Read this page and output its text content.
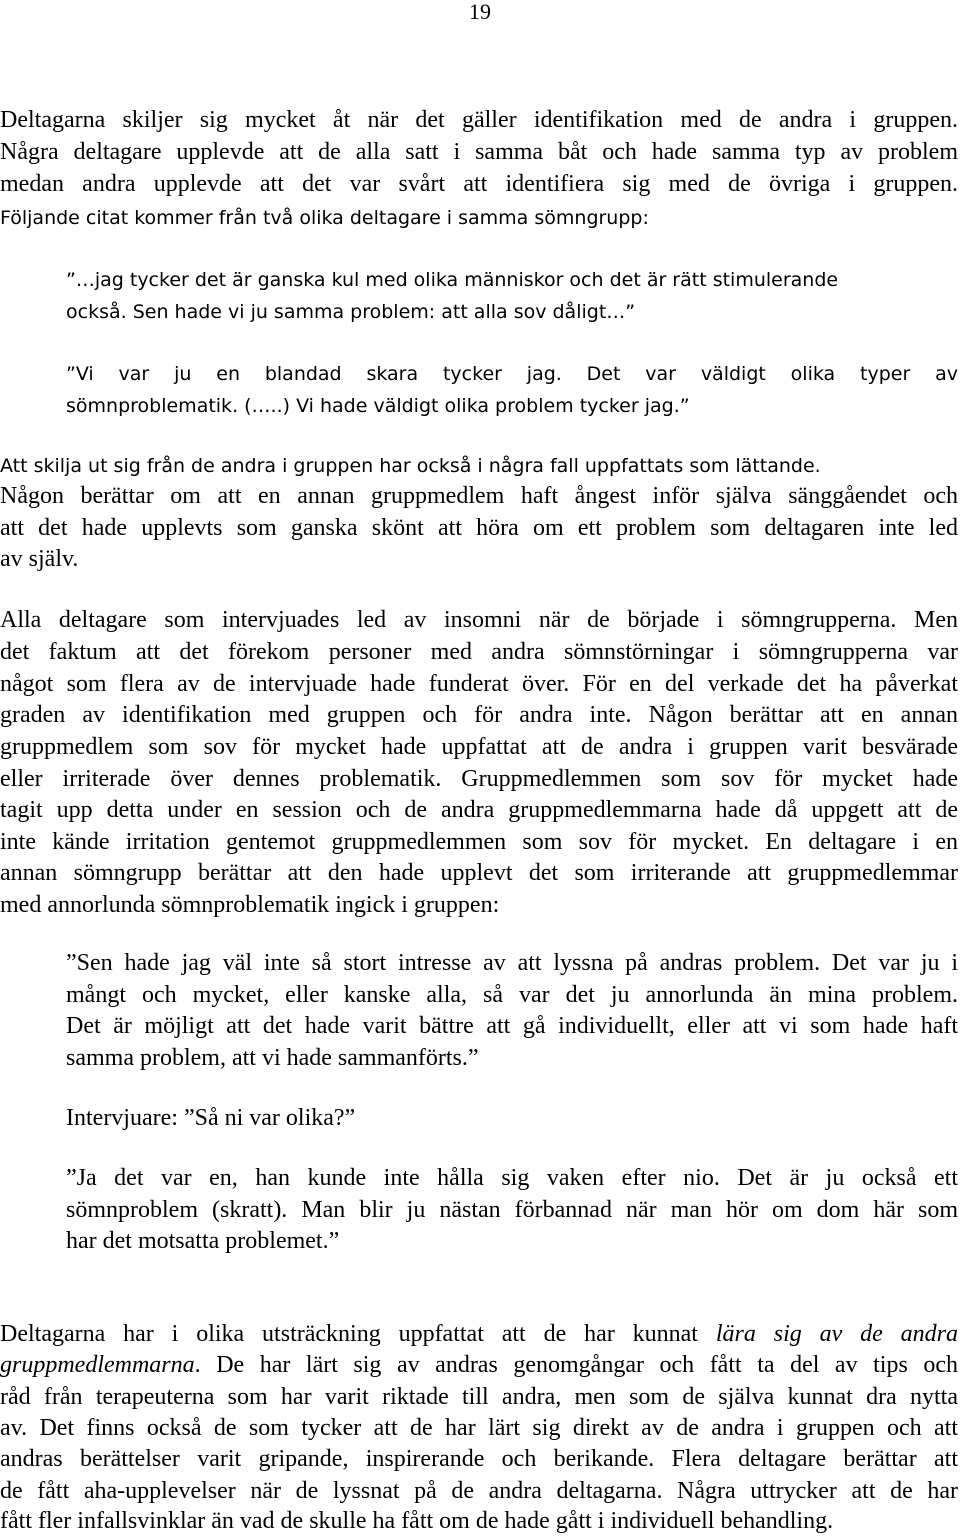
19

Deltagarna skiljer sig mycket åt när det gäller identifikation med de andra i gruppen.

Några deltagare upplevde att de alla satt i samma båt och hade samma typ av problem

medan andra upplevde att det var svårt att identifiera sig med de övriga i gruppen.

Följande citat kommer från två olika deltagare i samma sömngrupp:

”…jag tycker det är ganska kul med olika människor och det är rätt stimulerande

också. Sen hade vi ju samma problem: att alla sov dåligt…”

”Vi var ju en blandad skara tycker jag. Det var väldigt olika typer av

sömnproblematik. (…..) Vi hade väldigt olika problem tycker jag.”

Att skilja ut sig från de andra i gruppen har också i några fall uppfattats som lättande.

Någon berättar om att en annan gruppmedlem haft ångest inför själva sänggåendet och

att det hade upplevts som ganska skönt att höra om ett problem som deltagaren inte led

av själv.

Alla deltagare som intervjuades led av insomni när de började i sömngrupperna. Men

det faktum att det förekom personer med andra sömnstörningar i sömngrupperna var

något som flera av de intervjuade hade funderat över. För en del verkade det ha påverkat

graden av identifikation med gruppen och för andra inte. Någon berättar att en annan

gruppmedlem som sov för mycket hade uppfattat att de andra i gruppen varit besvärade

eller irriterade över dennes problematik. Gruppmedlemmen som sov för mycket hade

tagit upp detta under en session och de andra gruppmedlemmarna hade då uppgett att de

inte kände irritation gentemot gruppmedlemmen som sov för mycket. En deltagare i en

annan sömngrupp berättar att den hade upplevt det som irriterande att gruppmedlemmar

med annorlunda sömnproblematik ingick i gruppen:

”Sen hade jag väl inte så stort intresse av att lyssna på andras problem. Det var ju i

mångt och mycket, eller kanske alla, så var det ju annorlunda än mina problem.

Det är möjligt att det hade varit bättre att gå individuellt, eller att vi som hade haft

samma problem, att vi hade sammanförts.”

Intervjuare: ”Så ni var olika?”

”Ja det var en, han kunde inte hålla sig vaken efter nio. Det är ju också ett

sömnproblem (skratt). Man blir ju nästan förbannad när man hör om dom här som

har det motsatta problemet.”

Deltagarna har i olika utsträckning uppfattat att de har kunnat lära sig av de andra

gruppmedlemmarna. De har lärt sig av andras genomgångar och fått ta del av tips och

råd från terapeuterna som har varit riktade till andra, men som de själva kunnat dra nytta

av. Det finns också de som tycker att de har lärt sig direkt av de andra i gruppen och att

andras berättelser varit gripande, inspirerande och berikande. Flera deltagare berättar att

de fått aha-upplevelser när de lyssnat på de andra deltagarna. Några uttrycker att de har

fått fler infallsvinklar än vad de skulle ha fått om de hade gått i individuell behandling.
